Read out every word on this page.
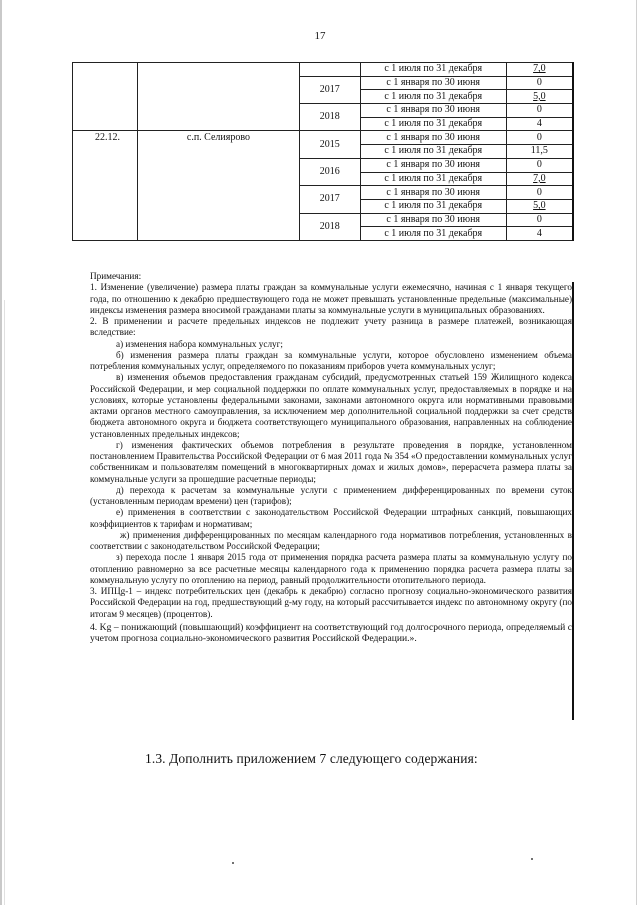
17
			с 1 июля по 31 декабря	7,0
		2017	с 1 января по 30 июня	0
			с 1 июля по 31 декабря	5,0
		2018	с 1 января по 30 июня	0
			с 1 июля по 31 декабря	4
22.12.	с.п. Селиярово	2015	с 1 января по 30 июня	0
			с 1 июля по 31 декабря	11,5
		2016	с 1 января по 30 июня	0
			с 1 июля по 31 декабря	7,0
		2017	с 1 января по 30 июня	0
			с 1 июля по 31 декабря	5,0
		2018	с 1 января по 30 июня	0
			с 1 июля по 31 декабря	4

Примечания:

1. Изменение (увеличение) размера платы граждан за коммунальные услуги ежемесячно, начиная с 1 января текущего года, по отношению к декабрю предшествующего года не может превышать установленные предельные (максимальные) индексы изменения размера вносимой гражданами платы за коммунальные услуги в муниципальных образованиях.

2. В применении и расчете предельных индексов не подлежит учету разница в размере платежей, возникающая вследствие:

а) изменения набора коммунальных услуг;

б) изменения размера платы граждан за коммунальные услуги, которое обусловлено изменением объема потребления коммунальных услуг, определяемого по показаниям приборов учета коммунальных услуг;

в) изменения объемов предоставления гражданам субсидий, предусмотренных статьей 159 Жилищного кодекса Российской Федерации, и мер социальной поддержки по оплате коммунальных услуг, предоставляемых в порядке и на условиях, которые установлены федеральными законами, законами автономного округа или нормативными правовыми актами органов местного самоуправления, за исключением мер дополнительной социальной поддержки за счет средств бюджета автономного округа и бюджета соответствующего муниципального образования, направленных на соблюдение установленных предельных индексов;

г) изменения фактических объемов потребления в результате проведения в порядке, установленном постановлением Правительства Российской Федерации от 6 мая 2011 года № 354 «О предоставлении коммунальных услуг собственникам и пользователям помещений в многоквартирных домах и жилых домов», перерасчета размера платы за коммунальные услуги за прошедшие расчетные периоды;

д) перехода к расчетам за коммунальные услуги с применением дифференцированных по времени суток (установленным периодам времени) цен (тарифов);

е) применения в соответствии с законодательством Российской Федерации штрафных санкций, повышающих коэффициентов к тарифам и нормативам;

ж) применения дифференцированных по месяцам календарного года нормативов потребления, установленных в соответствии с законодательством Российской Федерации;

з) перехода после 1 января 2015 года от применения порядка расчета размера платы за коммунальную услугу по отоплению равномерно за все расчетные месяцы календарного года к применению порядка расчета размера платы за коммунальную услугу по отоплению на период, равный продолжительности отопительного периода.

3. ИПЦg-1 – индекс потребительских цен (декабрь к декабрю) согласно прогнозу социально-экономического развития Российской Федерации на год, предшествующий g-му году, на который рассчитывается индекс по автономному округу (по итогам 9 месяцев) (процентов).

4. Kg – понижающий (повышающий) коэффициент на соответствующий год долгосрочного периода, определяемый с учетом прогноза социально-экономического развития Российской Федерации.».

1.3. Дополнить приложением 7 следующего содержания:
